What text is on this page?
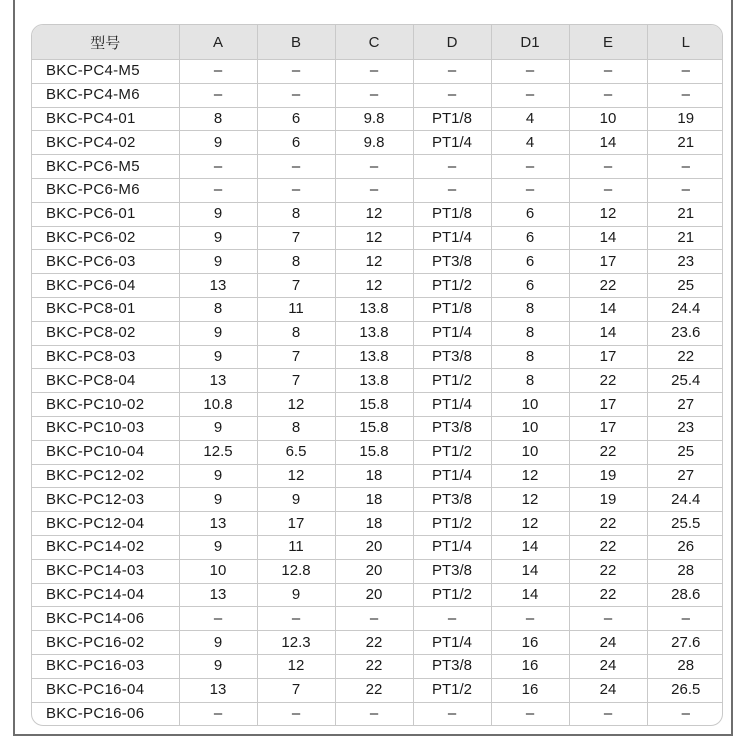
型号	A	B	C	D	D1	E	L
BKC-PC4-M5	–	–	–	–	–	–	–
BKC-PC4-M6	–	–	–	–	–	–	–
BKC-PC4-01	8	6	9.8	PT1/8	4	10	19
BKC-PC4-02	9	6	9.8	PT1/4	4	14	21
BKC-PC6-M5	–	–	–	–	–	–	–
BKC-PC6-M6	–	–	–	–	–	–	–
BKC-PC6-01	9	8	12	PT1/8	6	12	21
BKC-PC6-02	9	7	12	PT1/4	6	14	21
BKC-PC6-03	9	8	12	PT3/8	6	17	23
BKC-PC6-04	13	7	12	PT1/2	6	22	25
BKC-PC8-01	8	11	13.8	PT1/8	8	14	24.4
BKC-PC8-02	9	8	13.8	PT1/4	8	14	23.6
BKC-PC8-03	9	7	13.8	PT3/8	8	17	22
BKC-PC8-04	13	7	13.8	PT1/2	8	22	25.4
BKC-PC10-02	10.8	12	15.8	PT1/4	10	17	27
BKC-PC10-03	9	8	15.8	PT3/8	10	17	23
BKC-PC10-04	12.5	6.5	15.8	PT1/2	10	22	25
BKC-PC12-02	9	12	18	PT1/4	12	19	27
BKC-PC12-03	9	9	18	PT3/8	12	19	24.4
BKC-PC12-04	13	17	18	PT1/2	12	22	25.5
BKC-PC14-02	9	11	20	PT1/4	14	22	26
BKC-PC14-03	10	12.8	20	PT3/8	14	22	28
BKC-PC14-04	13	9	20	PT1/2	14	22	28.6
BKC-PC14-06	–	–	–	–	–	–	–
BKC-PC16-02	9	12.3	22	PT1/4	16	24	27.6
BKC-PC16-03	9	12	22	PT3/8	16	24	28
BKC-PC16-04	13	7	22	PT1/2	16	24	26.5
BKC-PC16-06	–	–	–	–	–	–	–
